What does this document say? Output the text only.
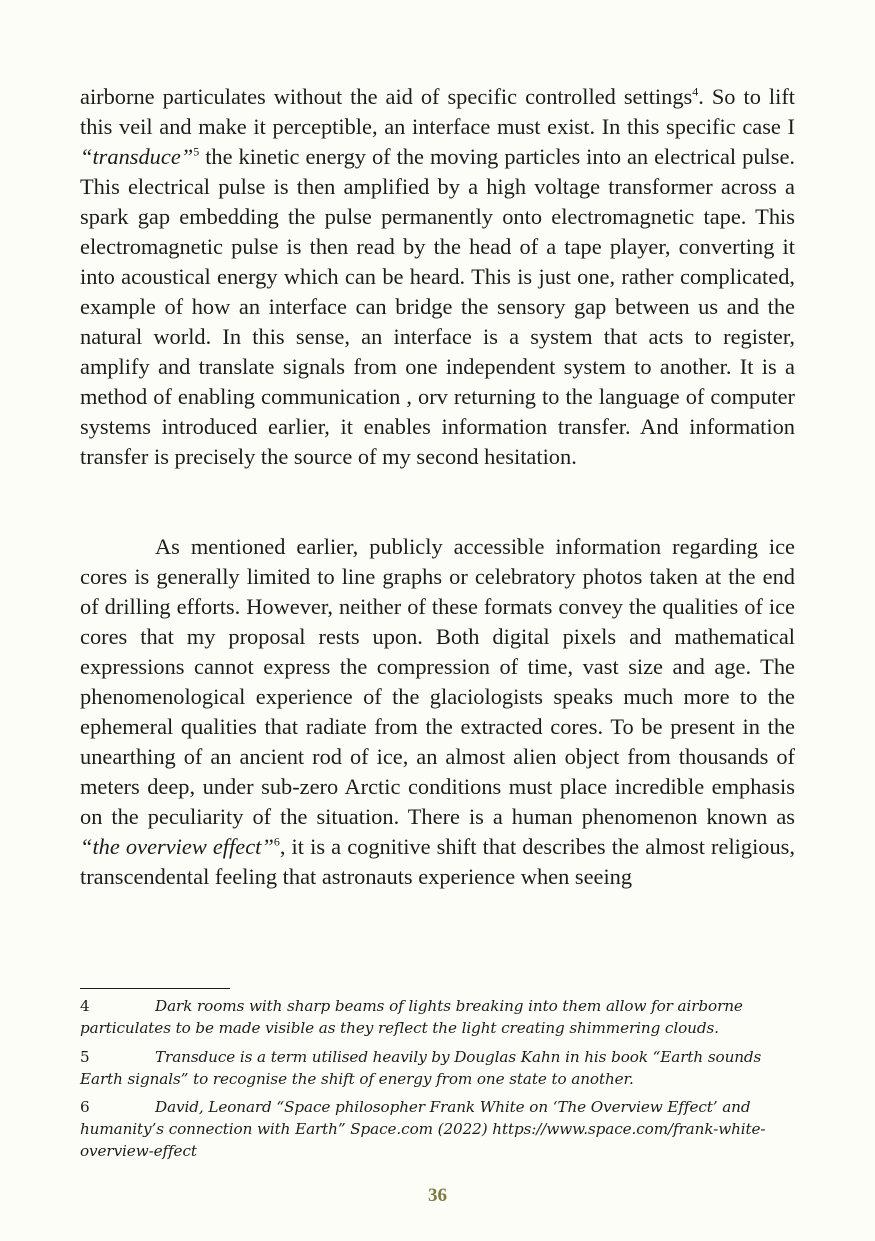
airborne particulates without the aid of specific controlled settings$^4$. So to lift this veil and make it perceptible, an interface must exist. In this specific case I “transduce”$^5$ the kinetic energy of the moving particles into an electrical pulse. This electrical pulse is then amplified by a high voltage transformer across a spark gap embedding the pulse permanently onto electromagnetic tape. This electromagnetic pulse is then read by the head of a tape player, converting it into acoustical energy which can be heard. This is just one, rather complicated, example of how an interface can bridge the sensory gap between us and the natural world. In this sense, an interface is a system that acts to register, amplify and translate signals from one independent system to another. It is a method of enabling communication , orv returning to the language of computer systems introduced earlier, it enables information transfer. And information transfer is precisely the source of my second hesitation.

As mentioned earlier, publicly accessible information regarding ice cores is generally limited to line graphs or celebratory photos taken at the end of drilling efforts. However, neither of these formats convey the qualities of ice cores that my proposal rests upon. Both digital pixels and mathematical expressions cannot express the compression of time, vast size and age. The phenomenological experience of the glaciologists speaks much more to the ephemeral qualities that radiate from the extracted cores. To be present in the unearthing of an ancient rod of ice, an almost alien object from thousands of meters deep, under sub-zero Arctic conditions must place incredible emphasis on the peculiarity of the situation. There is a human phenomenon known as “the overview effect”$^6$, it is a cognitive shift that describes the almost religious, transcendental feeling that astronauts experience when seeing

4	Dark rooms with sharp beams of lights breaking into them allow for airborne particulates to be made visible as they reflect the light creating shimmering clouds.

5	Transduce is a term utilised heavily by Douglas Kahn in his book “Earth sounds Earth signals” to recognise the shift of energy from one state to another.

6	David, Leonard “Space philosopher Frank White on ‘The Overview Effect’ and humanity’s connection with Earth” Space.com (2022) https://www.space.com/frank-white-overview-effect

36
